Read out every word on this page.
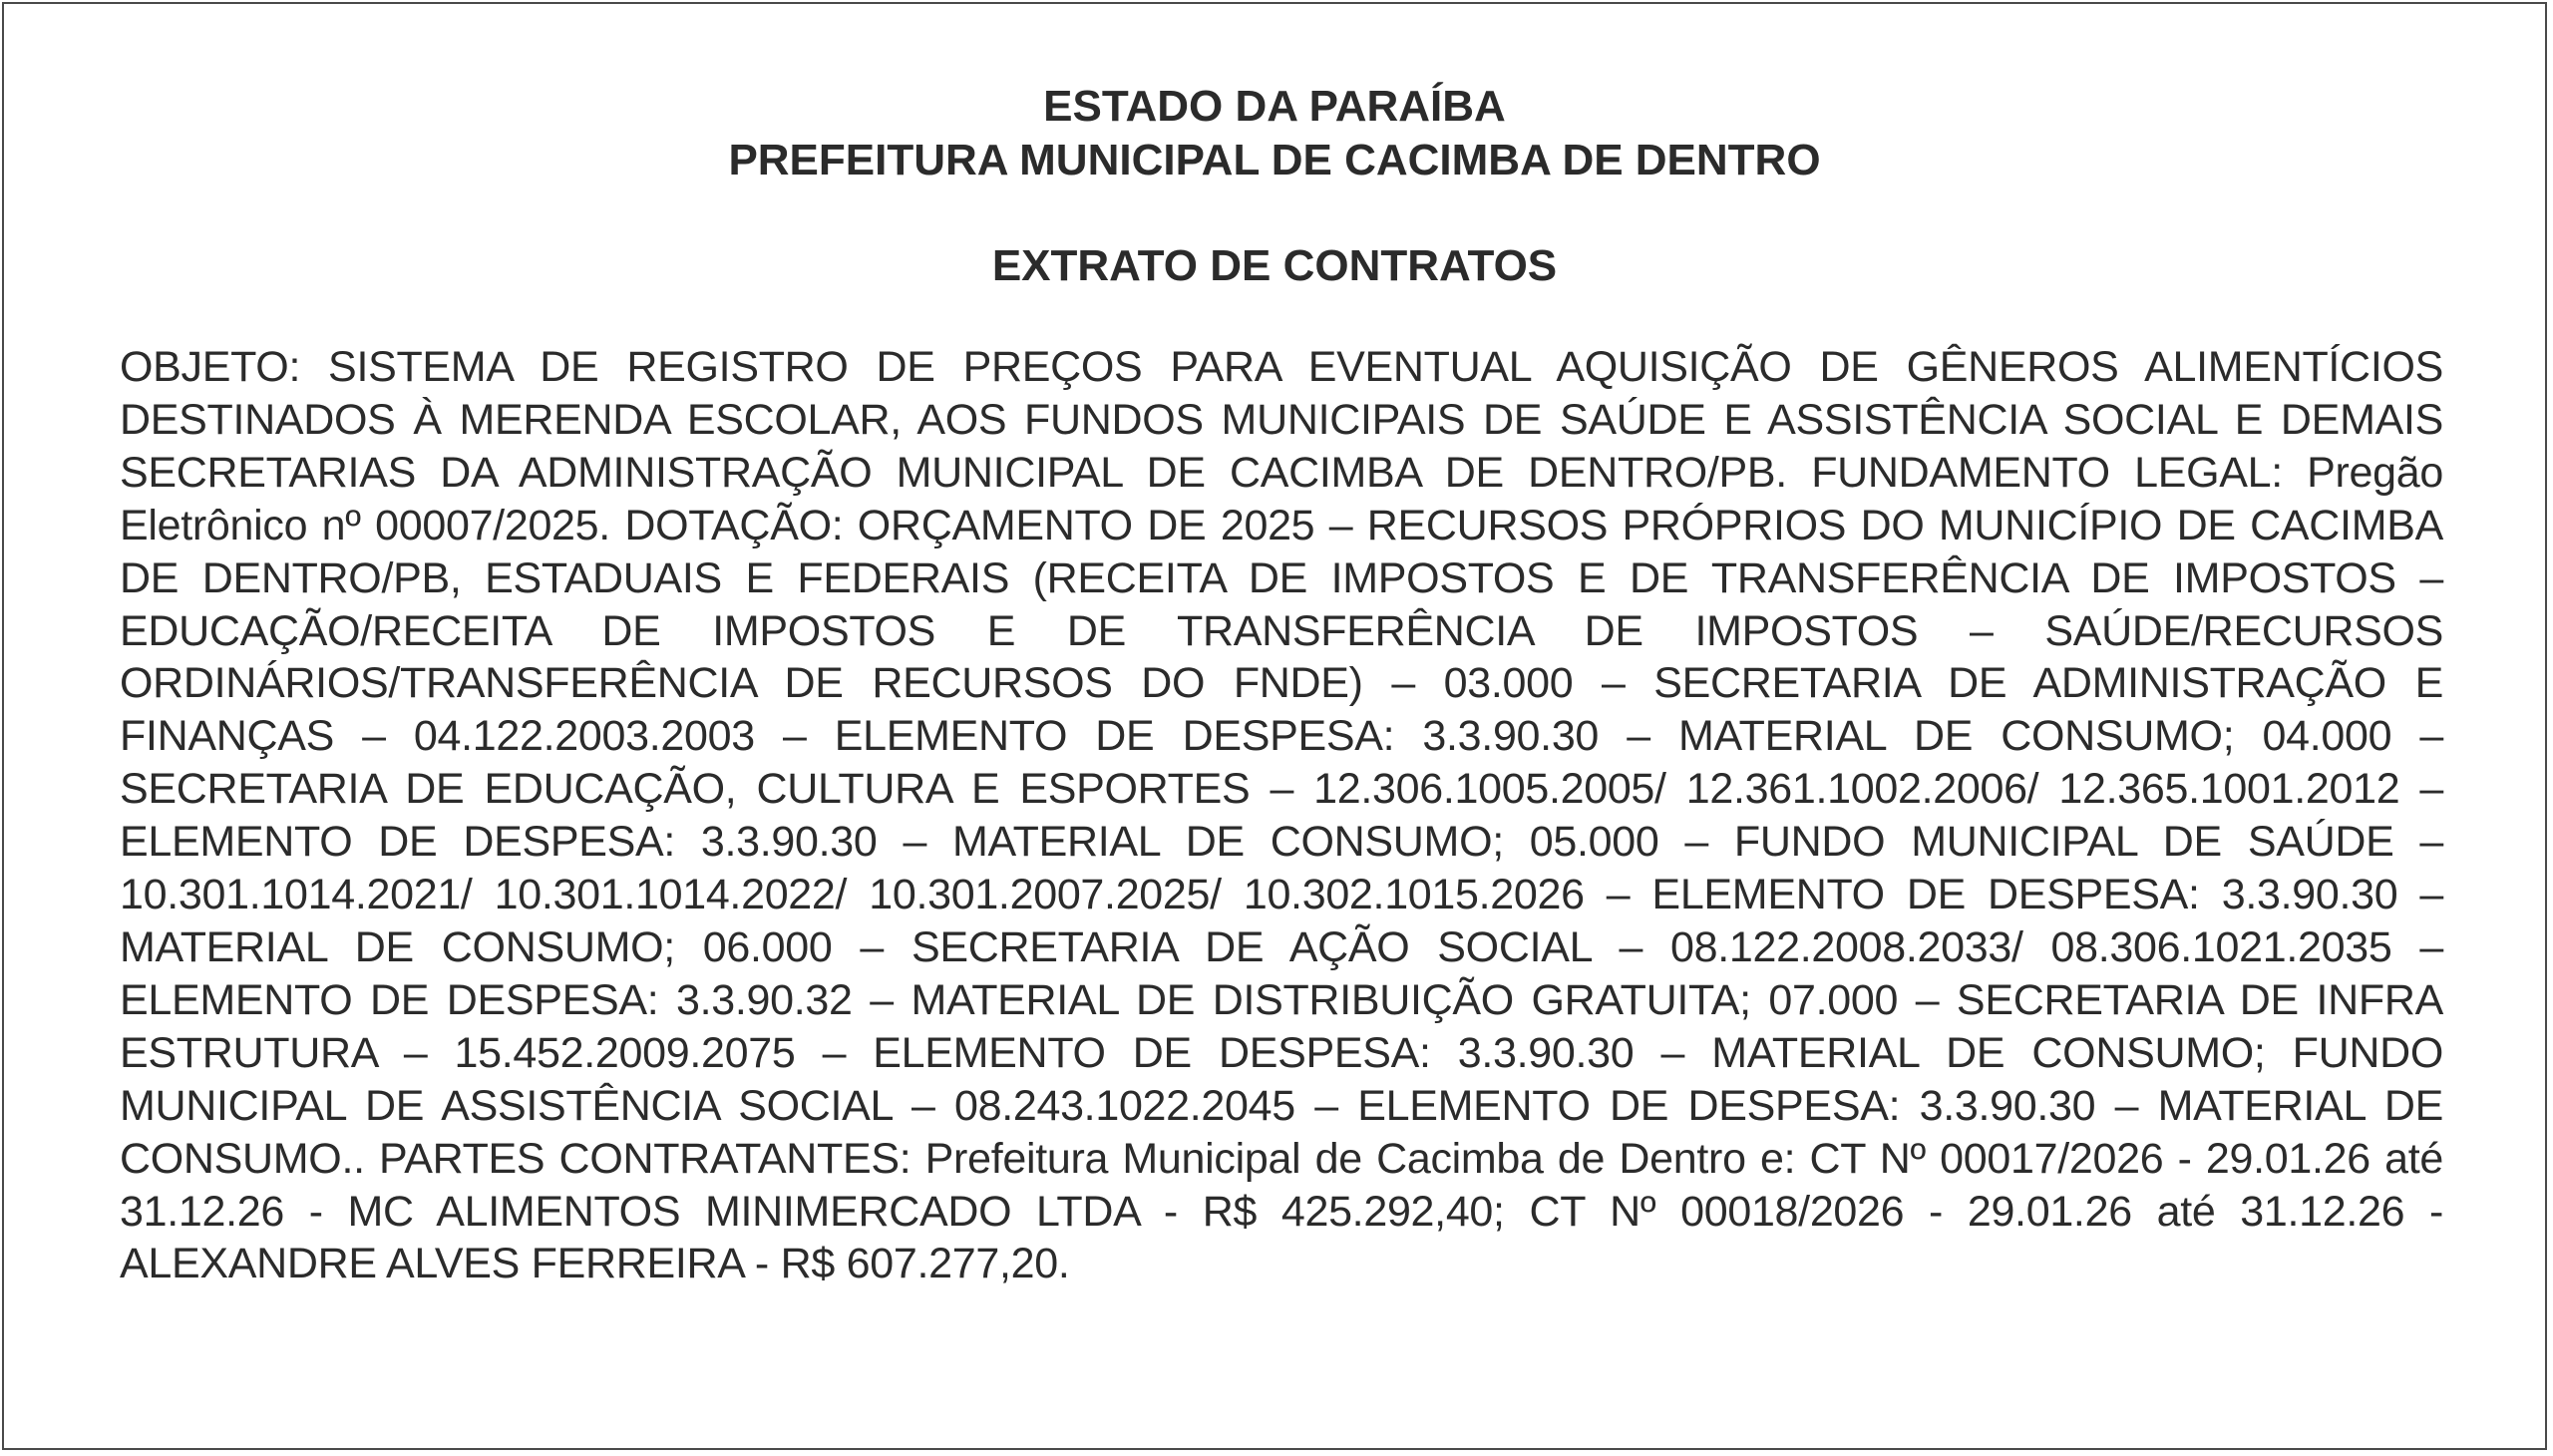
ESTADO DA PARAÍBA
PREFEITURA MUNICIPAL DE CACIMBA DE DENTRO
EXTRATO DE CONTRATOS
OBJETO: SISTEMA DE REGISTRO DE PREÇOS PARA EVENTUAL AQUISIÇÃO DE GÊNEROS ALIMENTÍCIOS DESTINADOS À MERENDA ESCOLAR, AOS FUNDOS MUNICIPAIS DE SAÚDE E ASSISTÊNCIA SOCIAL E DEMAIS SECRETARIAS DA ADMINISTRAÇÃO MUNICIPAL DE CACIMBA DE DENTRO/PB. FUNDAMENTO LEGAL: Pregão Eletrônico nº 00007/2025. DOTAÇÃO: ORÇAMENTO DE 2025 – RECURSOS PRÓPRIOS DO MUNICÍPIO DE CACIMBA DE DENTRO/PB, ESTADUAIS E FEDERAIS (RECEITA DE IMPOSTOS E DE TRANSFERÊNCIA DE IMPOSTOS – EDUCAÇÃO/RECEITA DE IMPOSTOS E DE TRANSFERÊNCIA DE IMPOSTOS – SAÚDE/RECURSOS ORDINÁRIOS/TRANSFERÊNCIA DE RECURSOS DO FNDE) – 03.000 – SECRETARIA DE ADMINISTRAÇÃO E FINANÇAS – 04.122.2003.2003 – ELEMENTO DE DESPESA: 3.3.90.30 – MATERIAL DE CONSUMO; 04.000 – SECRETARIA DE EDUCAÇÃO, CULTURA E ESPORTES – 12.306.1005.2005/ 12.361.1002.2006/ 12.365.1001.2012 – ELEMENTO DE DESPESA: 3.3.90.30 – MATERIAL DE CONSUMO; 05.000 – FUNDO MUNICIPAL DE SAÚDE – 10.301.1014.2021/ 10.301.1014.2022/ 10.301.2007.2025/ 10.302.1015.2026 – ELEMENTO DE DESPESA: 3.3.90.30 – MATERIAL DE CONSUMO; 06.000 – SECRETARIA DE AÇÃO SOCIAL – 08.122.2008.2033/ 08.306.1021.2035 – ELEMENTO DE DESPESA: 3.3.90.32 – MATERIAL DE DISTRIBUIÇÃO GRATUITA; 07.000 – SECRETARIA DE INFRA ESTRUTURA – 15.452.2009.2075 – ELEMENTO DE DESPESA: 3.3.90.30 – MATERIAL DE CONSUMO; FUNDO MUNICIPAL DE ASSISTÊNCIA SOCIAL – 08.243.1022.2045 – ELEMENTO DE DESPESA: 3.3.90.30 – MATERIAL DE CONSUMO.. PARTES CONTRATANTES: Prefeitura Municipal de Cacimba de Dentro e: CT Nº 00017/2026 - 29.01.26 até 31.12.26 - MC ALIMENTOS MINIMERCADO LTDA - R$ 425.292,40; CT Nº 00018/2026 - 29.01.26 até 31.12.26 - ALEXANDRE ALVES FERREIRA - R$ 607.277,20.
